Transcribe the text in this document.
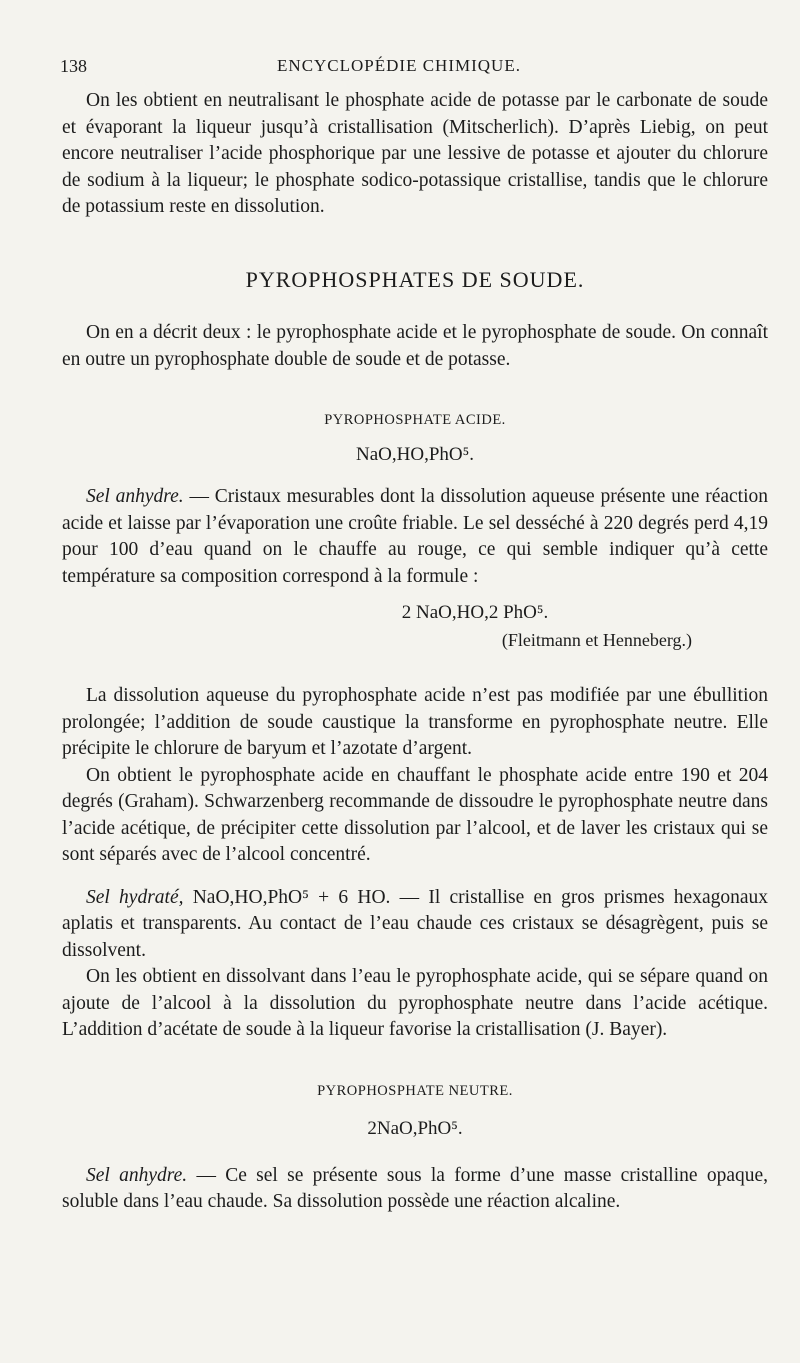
138	ENCYCLOPÉDIE CHIMIQUE.

On les obtient en neutralisant le phosphate acide de potasse par le carbonate de soude et évaporant la liqueur jusqu’à cristallisation (Mitscherlich). D’après Liebig, on peut encore neutraliser l’acide phosphorique par une lessive de potasse et ajouter du chlorure de sodium à la liqueur; le phosphate sodico-potassique cristallise, tandis que le chlorure de potassium reste en dissolution.

PYROPHOSPHATES DE SOUDE.

On en a décrit deux : le pyrophosphate acide et le pyrophosphate de soude. On connaît en outre un pyrophosphate double de soude et de potasse.

PYROPHOSPHATE ACIDE.

NaO,HO,PhO⁵.

Sel anhydre. — Cristaux mesurables dont la dissolution aqueuse présente une réaction acide et laisse par l’évaporation une croûte friable. Le sel desséché à 220 degrés perd 4,19 pour 100 d’eau quand on le chauffe au rouge, ce qui semble indiquer qu’à cette température sa composition correspond à la formule :

2 NaO,HO,2 PhO⁵.

(Fleitmann et Henneberg.)

La dissolution aqueuse du pyrophosphate acide n’est pas modifiée par une ébullition prolongée; l’addition de soude caustique la transforme en pyrophosphate neutre. Elle précipite le chlorure de baryum et l’azotate d’argent.

On obtient le pyrophosphate acide en chauffant le phosphate acide entre 190 et 204 degrés (Graham). Schwarzenberg recommande de dissoudre le pyrophosphate neutre dans l’acide acétique, de précipiter cette dissolution par l’alcool, et de laver les cristaux qui se sont séparés avec de l’alcool concentré.

Sel hydraté, NaO,HO,PhO⁵ + 6 HO. — Il cristallise en gros prismes hexagonaux aplatis et transparents. Au contact de l’eau chaude ces cristaux se désagrègent, puis se dissolvent.

On les obtient en dissolvant dans l’eau le pyrophosphate acide, qui se sépare quand on ajoute de l’alcool à la dissolution du pyrophosphate neutre dans l’acide acétique. L’addition d’acétate de soude à la liqueur favorise la cristallisation (J. Bayer).

PYROPHOSPHATE NEUTRE.

2NaO,PhO⁵.

Sel anhydre. — Ce sel se présente sous la forme d’une masse cristalline opaque, soluble dans l’eau chaude. Sa dissolution possède une réaction alcaline.
